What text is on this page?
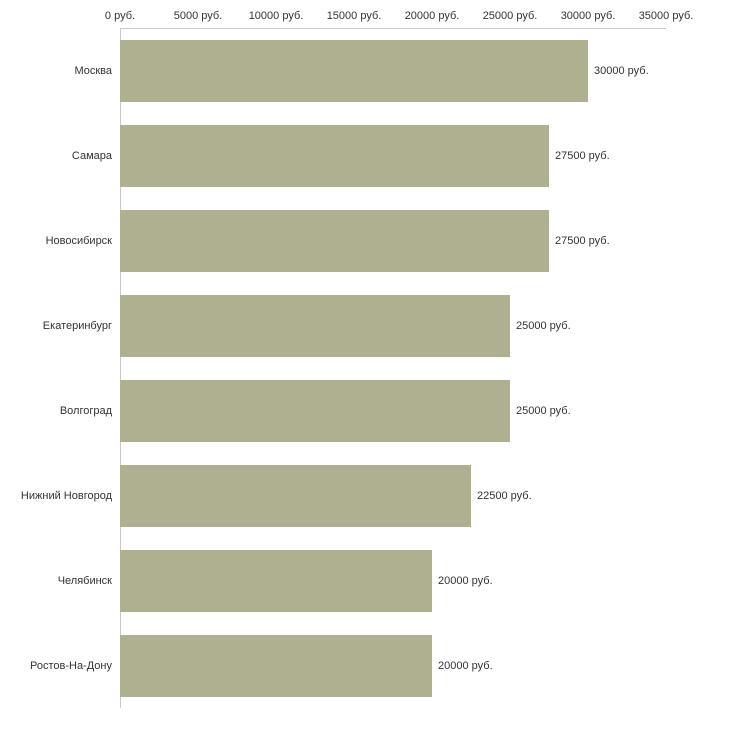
0 руб.	5000 руб. 10000 руб. 15000 руб. 20000 руб. 25000 руб. 30000 руб. 35000 руб.
Москва
Самара
Новосибирск
Екатеринбург
Волгоград
Нижний Новгород
Челябинск
Ростов-На-Дону
30000 руб.
27500 руб.
27500 руб.
25000 руб.
25000 руб.
22500 руб.
20000 руб.
20000 руб.
